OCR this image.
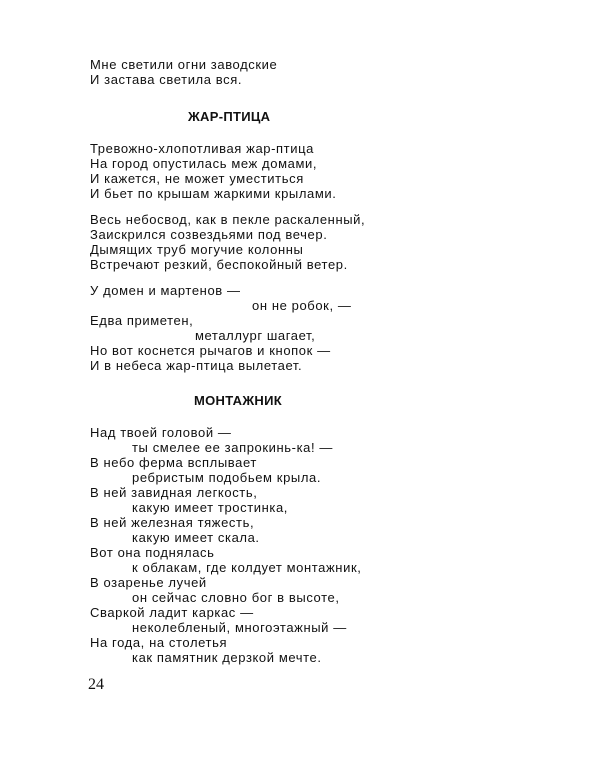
Мне светили огни заводские
И застава светила вся.
ЖАР-ПТИЦА
Тревожно-хлопотливая жар-птица
На город опустилась меж домами,
И кажется, не может уместиться
И бьет по крышам жаркими крылами.
Весь небосвод, как в пекле раскаленный,
Заискрился созвездьями под вечер.
Дымящих труб могучие колонны
Встречают резкий, беспокойный ветер.
У домен и мартенов —
он не робок, —
Едва приметен,
металлург шагает,
Но вот коснется рычагов и кнопок —
И в небеса жар-птица вылетает.
МОНТАЖНИК
Над твоей головой —
ты смелее ее запрокинь-ка! —
В небо ферма всплывает
ребристым подобьем крыла.
В ней завидная легкость,
какую имеет тростинка,
В ней железная тяжесть,
какую имеет скала.
Вот она поднялась
к облакам, где колдует монтажник,
В озаренье лучей
он сейчас словно бог в высоте,
Сваркой ладит каркас —
неколебленый, многоэтажный —
На года, на столетья
как памятник дерзкой мечте.
24
